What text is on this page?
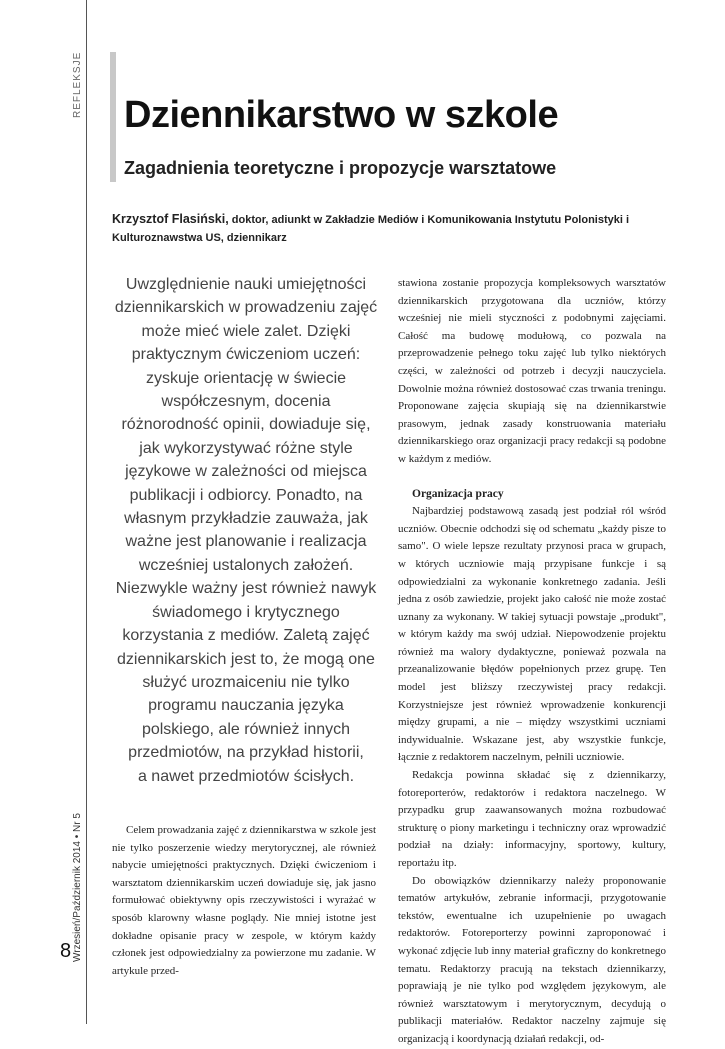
REFLEKSJE
Wrzesień/Październik 2014 • Nr 5
8
Dziennikarstwo w szkole
Zagadnienia teoretyczne i propozycje warsztatowe
Krzysztof Flasiński, doktor, adiunkt w Zakładzie Mediów i Komunikowania Instytutu Polonistyki i Kulturoznawstwa US, dziennikarz
Uwzględnienie nauki umiejętności
dziennikarskich w prowadzeniu zajęć
może mieć wiele zalet. Dzięki
praktycznym ćwiczeniom uczeń:
zyskuje orientację w świecie
współczesnym, docenia
różnorodność opinii, dowiaduje się,
jak wykorzystywać różne style
językowe w zależności od miejsca
publikacji i odbiorcy. Ponadto, na
własnym przykładzie zauważa, jak
ważne jest planowanie i realizacja
wcześniej ustalonych założeń.
Niezwykle ważny jest również nawyk
świadomego i krytycznego
korzystania z mediów. Zaletą zajęć
dziennikarskich jest to, że mogą one
służyć urozmaiceniu nie tylko
programu nauczania języka
polskiego, ale również innych
przedmiotów, na przykład historii,
a nawet przedmiotów ścisłych.

Celem prowadzania zajęć z dziennikarstwa w szkole jest nie tylko poszerzenie wiedzy merytorycznej, ale również nabycie umiejętności praktycznych. Dzięki ćwiczeniom i warsztatom dziennikarskim uczeń dowiaduje się, jak jasno formułować obiektywny opis rzeczywistości i wyrażać w sposób klarowny własne poglądy. Nie mniej istotne jest dokładne opisanie pracy w zespole, w którym każdy członek jest odpowiedzialny za powierzone mu zadanie. W artykule przed-

stawiona zostanie propozycja kompleksowych warsztatów dziennikarskich przygotowana dla uczniów, którzy wcześniej nie mieli styczności z podobnymi zajęciami. Całość ma budowę modułową, co pozwala na przeprowadzenie pełnego toku zajęć lub tylko niektórych części, w zależności od potrzeb i decyzji nauczyciela. Dowolnie można również dostosować czas trwania treningu. Proponowane zajęcia skupiają się na dziennikarstwie prasowym, jednak zasady konstruowania materiału dziennikarskiego oraz organizacji pracy redakcji są podobne w każdym z mediów.

Organizacja pracy

Najbardziej podstawową zasadą jest podział ról wśród uczniów. Obecnie odchodzi się od schematu „każdy pisze to samo". O wiele lepsze rezultaty przynosi praca w grupach, w których uczniowie mają przypisane funkcje i są odpowiedzialni za wykonanie konkretnego zadania. Jeśli jedna z osób zawiedzie, projekt jako całość nie może zostać uznany za wykonany. W takiej sytuacji powstaje „produkt", w którym każdy ma swój udział. Niepowodzenie projektu również ma walory dydaktyczne, ponieważ pozwala na przeanalizowanie błędów popełnionych przez grupę. Ten model jest bliższy rzeczywistej pracy redakcji. Korzystniejsze jest również wprowadzenie konkurencji między grupami, a nie – między wszystkimi uczniami indywidualnie. Wskazane jest, aby wszystkie funkcje, łącznie z redaktorem naczelnym, pełnili uczniowie.

Redakcja powinna składać się z dziennikarzy, fotoreporterów, redaktorów i redaktora naczelnego. W przypadku grup zaawansowanych można rozbudować strukturę o piony marketingu i techniczny oraz wprowadzić podział na działy: informacyjny, sportowy, kultury, reportażu itp.

Do obowiązków dziennikarzy należy proponowanie tematów artykułów, zebranie informacji, przygotowanie tekstów, ewentualne ich uzupełnienie po uwagach redaktorów. Fotoreporterzy powinni zaproponować i wykonać zdjęcie lub inny materiał graficzny do konkretnego tematu. Redaktorzy pracują na tekstach dziennikarzy, poprawiają je nie tylko pod względem językowym, ale również warsztatowym i merytorycznym, decydują o publikacji materiałów. Redaktor naczelny zajmuje się organizacją i koordynacją działań redakcji, od-
